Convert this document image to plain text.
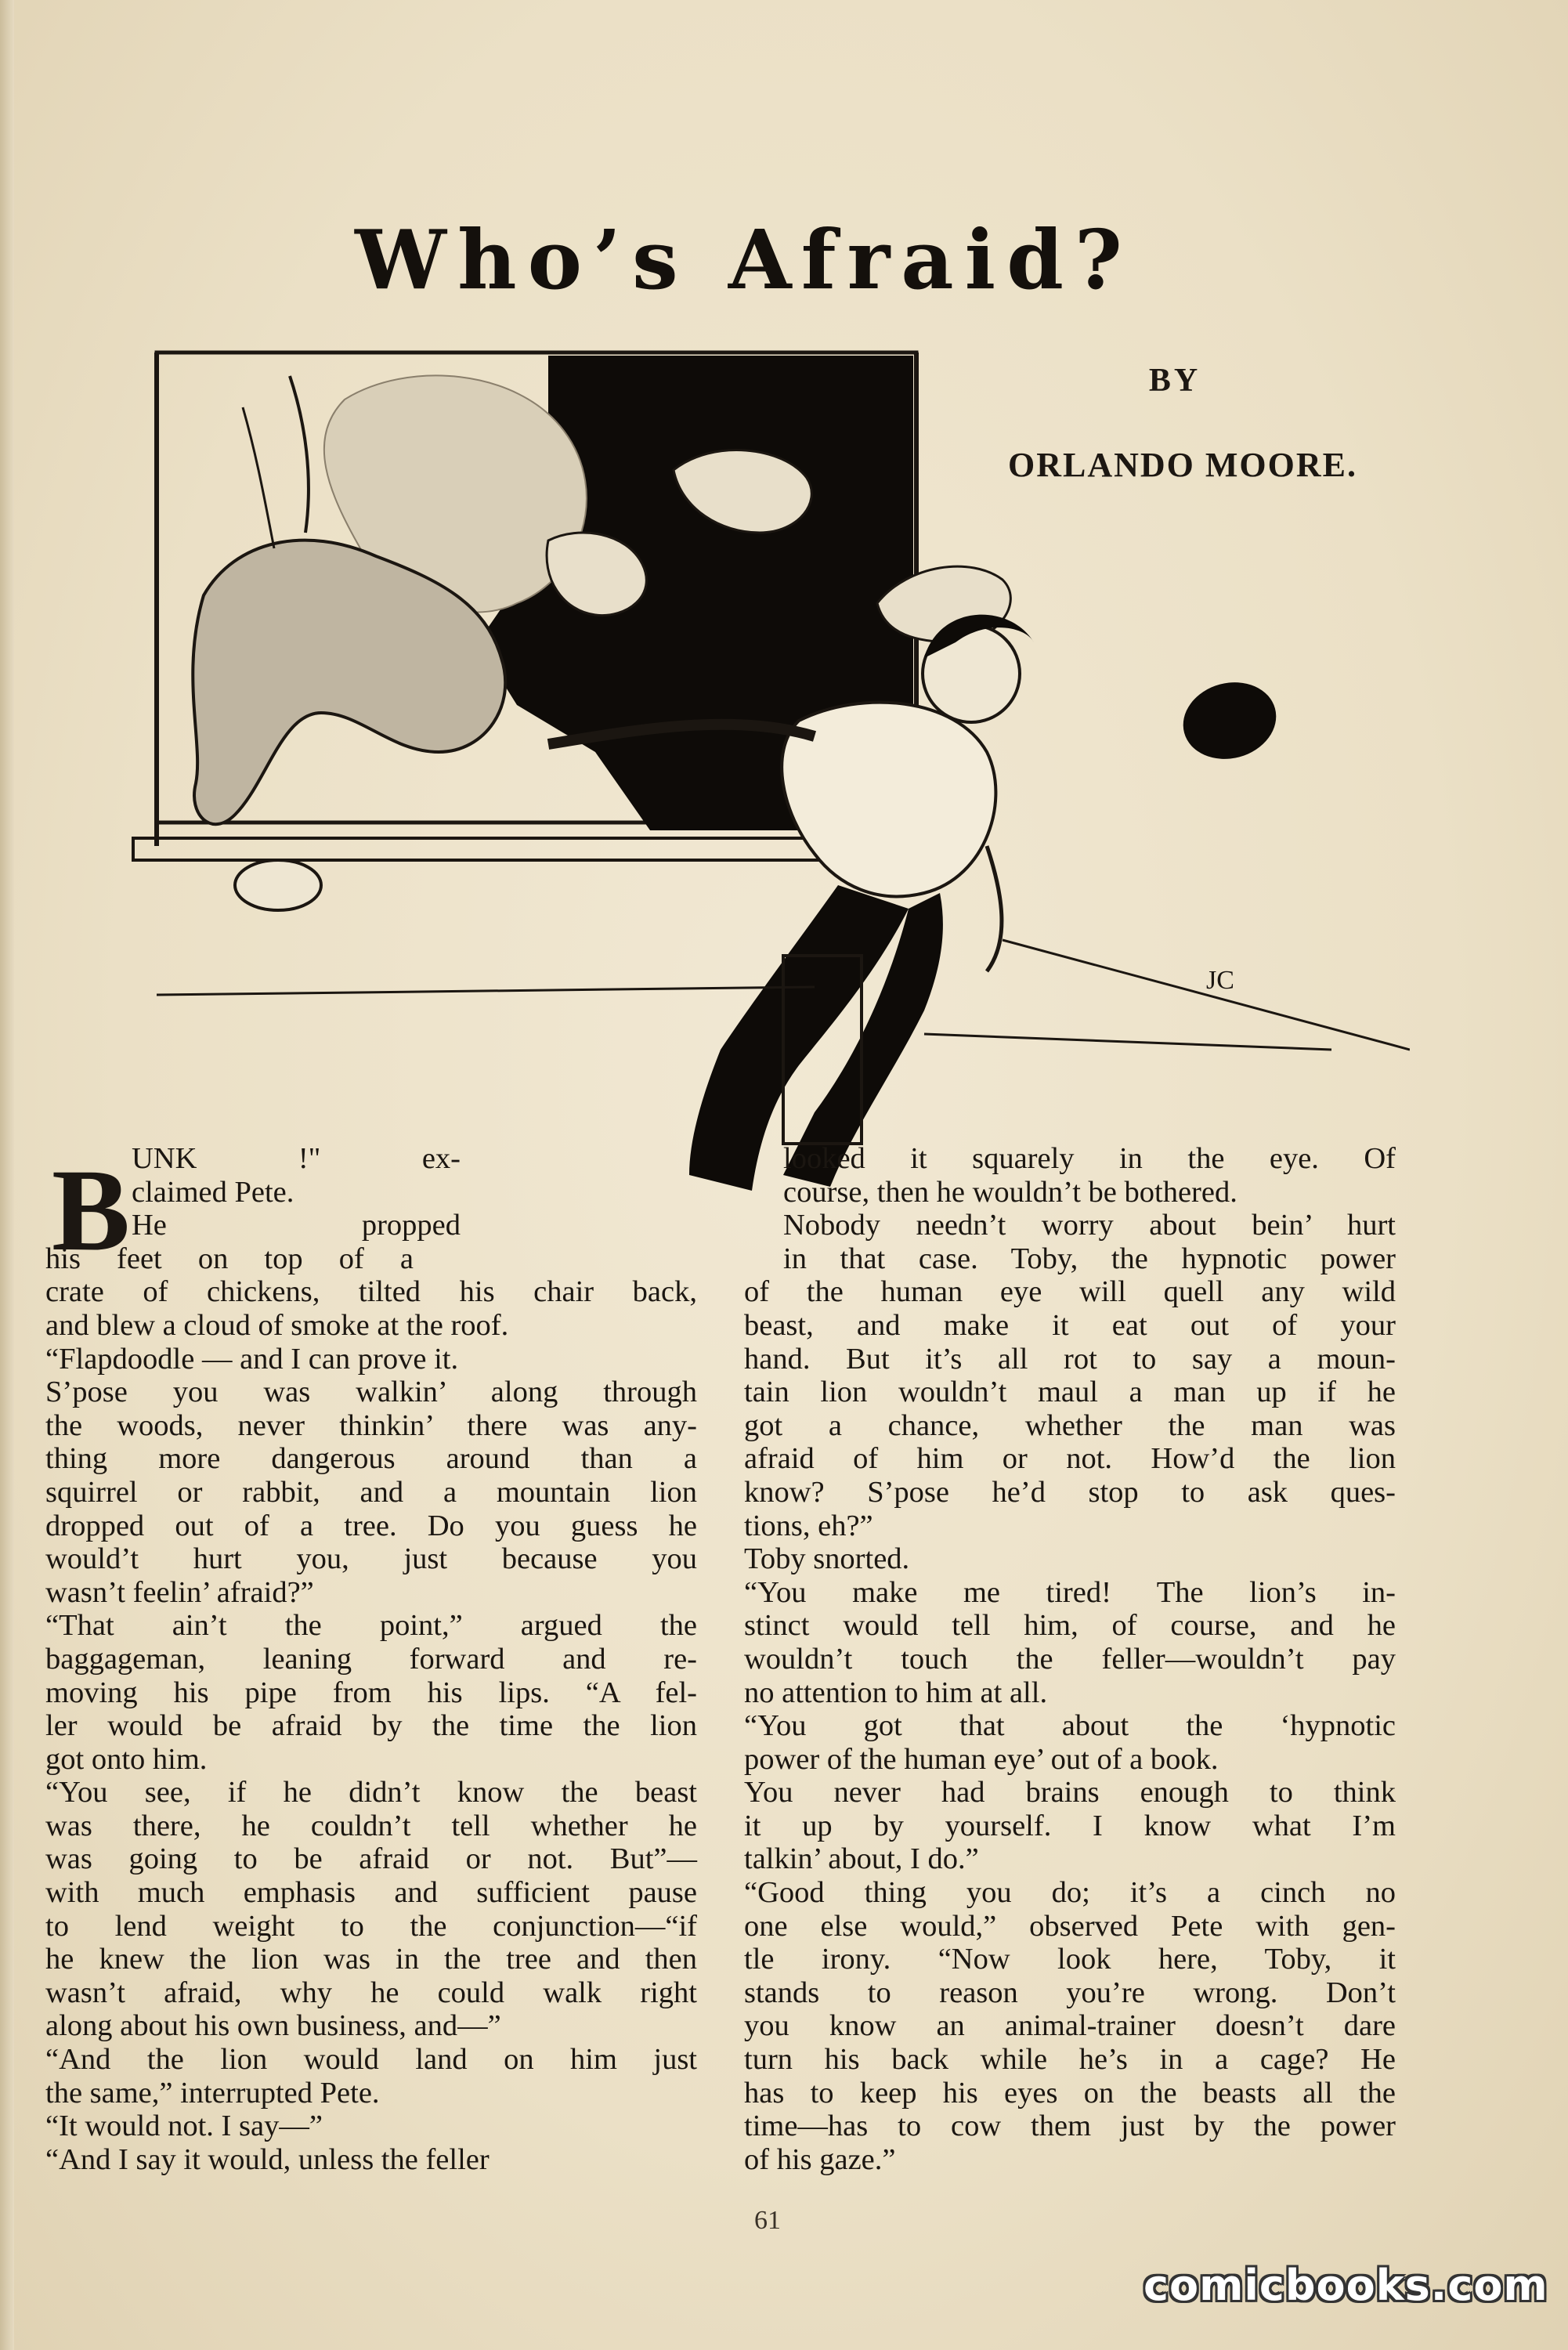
Who’s Afraid?
BY
ORLANDO MOORE.
JC
B UNK !" ex-
claimed Pete.
He propped
his feet on top of a
crate of chickens, tilted his chair back,
and blew a cloud of smoke at the roof.
“Flapdoodle — and I can prove it.
S’pose you was walkin’ along through
the woods, never thinkin’ there was any-
thing more dangerous around than a
squirrel or rabbit, and a mountain lion
dropped out of a tree. Do you guess he
would’t hurt you, just because you
wasn’t feelin’ afraid?”
“That ain’t the point,” argued the
baggageman, leaning forward and re-
moving his pipe from his lips. “A fel-
ler would be afraid by the time the lion
got onto him.
“You see, if he didn’t know the beast
was there, he couldn’t tell whether he
was going to be afraid or not. But”—
with much emphasis and sufficient pause
to lend weight to the conjunction—“if
he knew the lion was in the tree and then
wasn’t afraid, why he could walk right
along about his own business, and—”
“And the lion would land on him just
the same,” interrupted Pete.
“It would not. I say—”
“And I say it would, unless the feller
looked it squarely in the eye. Of
course, then he wouldn’t be bothered.
Nobody needn’t worry about bein’ hurt
in that case. Toby, the hypnotic power
of the human eye will quell any wild
beast, and make it eat out of your
hand. But it’s all rot to say a moun-
tain lion wouldn’t maul a man up if he
got a chance, whether the man was
afraid of him or not. How’d the lion
know? S’pose he’d stop to ask ques-
tions, eh?”
Toby snorted.
“You make me tired! The lion’s in-
stinct would tell him, of course, and he
wouldn’t touch the feller—wouldn’t pay
no attention to him at all.
“You got that about the ‘hypnotic
power of the human eye’ out of a book.
You never had brains enough to think
it up by yourself. I know what I’m
talkin’ about, I do.”
“Good thing you do; it’s a cinch no
one else would,” observed Pete with gen-
tle irony. “Now look here, Toby, it
stands to reason you’re wrong. Don’t
you know an animal-trainer doesn’t dare
turn his back while he’s in a cage? He
has to keep his eyes on the beasts all the
time—has to cow them just by the power
of his gaze.”
61
comicbooks.com
